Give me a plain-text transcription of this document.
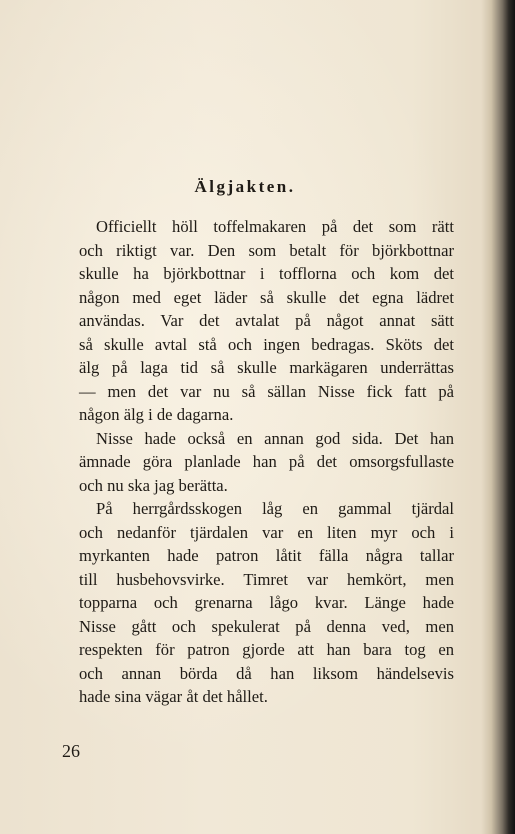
Älgjakten.

Officiellt höll toffelmakaren på det som rätt
och riktigt var. Den som betalt för björkbottnar
skulle ha björkbottnar i tofflorna och kom det
någon med eget läder så skulle det egna lädret
användas. Var det avtalat på något annat sätt
så skulle avtal stå och ingen bedragas. Sköts det
älg på laga tid så skulle markägaren underrättas
— men det var nu så sällan Nisse fick fatt på
någon älg i de dagarna.

Nisse hade också en annan god sida. Det han
ämnade göra planlade han på det omsorgsfullaste
och nu ska jag berätta.

På herrgårdsskogen låg en gammal tjärdal
och nedanför tjärdalen var en liten myr och i
myrkanten hade patron låtit fälla några tallar
till husbehovsvirke. Timret var hemkört, men
topparna och grenarna lågo kvar. Länge hade
Nisse gått och spekulerat på denna ved, men
respekten för patron gjorde att han bara tog en
och annan börda då han liksom händelsevis
hade sina vägar åt det hållet.

26
